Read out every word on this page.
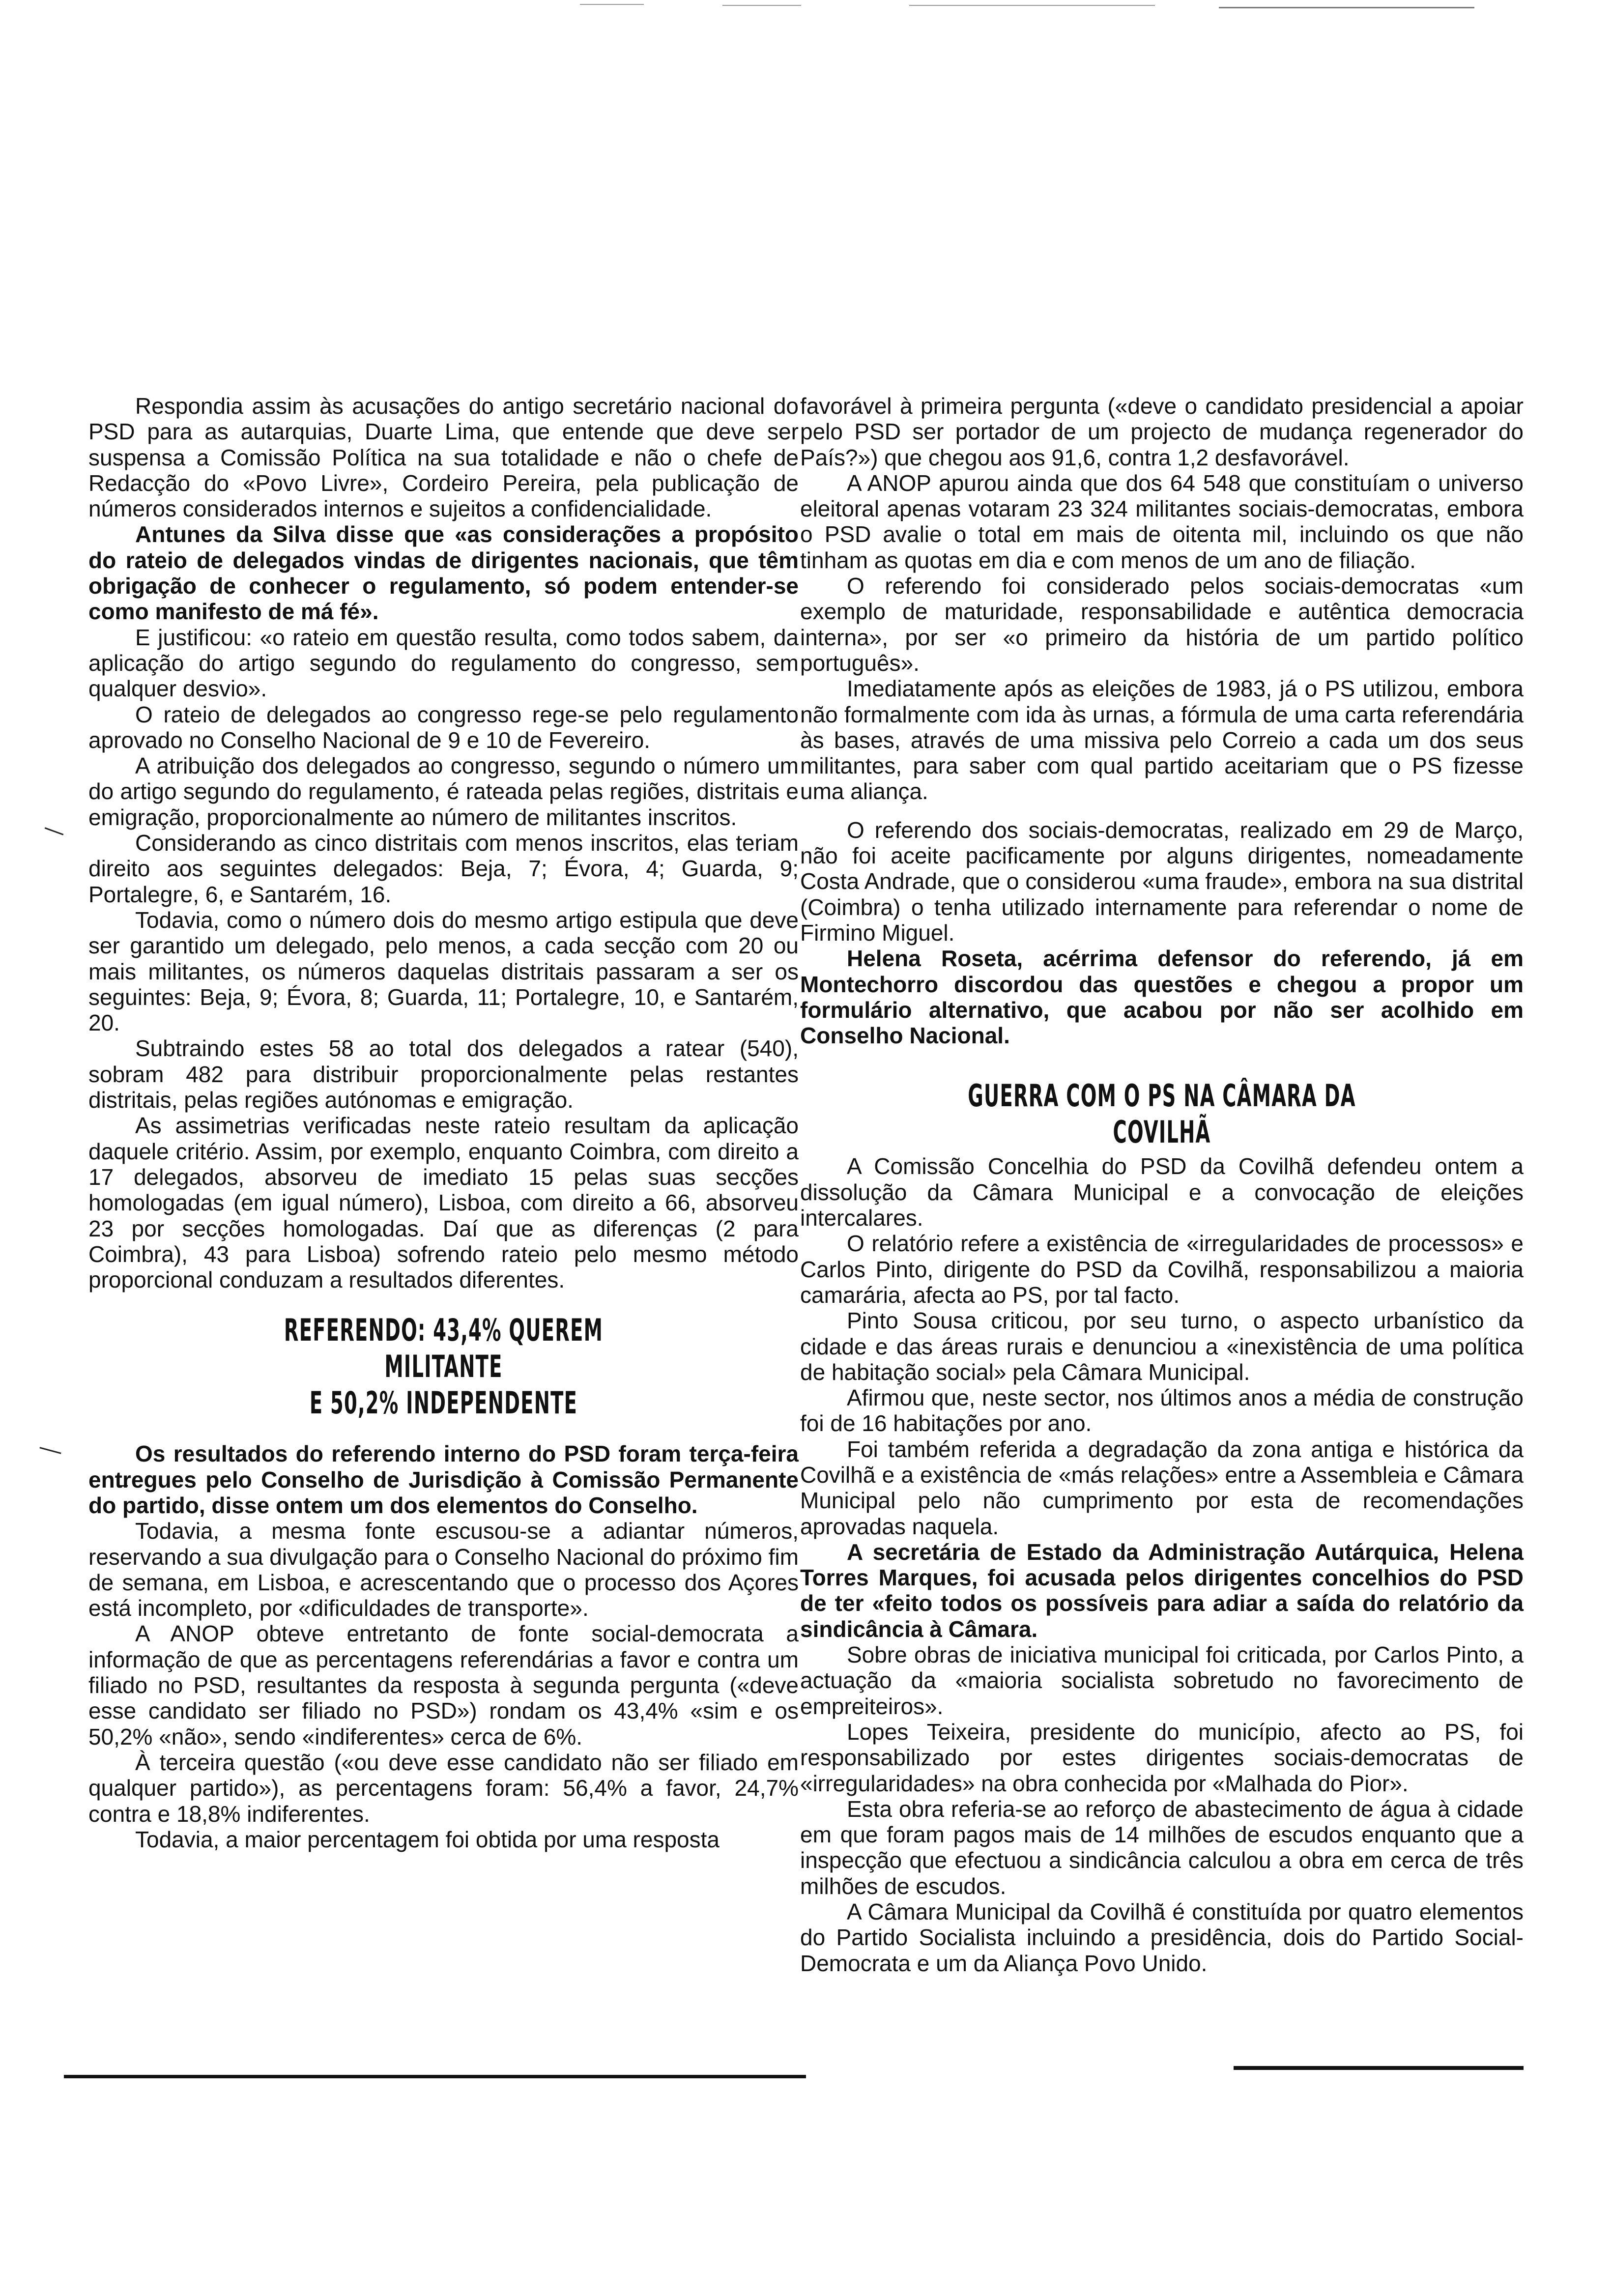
Respondia assim às acusações do antigo secretário nacional do PSD para as autarquias, Duarte Lima, que entende que deve ser suspensa a Comissão Política na sua totalidade e não o chefe de Redacção do «Povo Livre», Cordeiro Pereira, pela publicação de números considerados internos e sujeitos a confidencialidade.

Antunes da Silva disse que «as considerações a propósito do rateio de delegados vindas de dirigentes nacionais, que têm obrigação de conhecer o regulamento, só podem entender-se como manifesto de má fé».

E justificou: «o rateio em questão resulta, como todos sabem, da aplicação do artigo segundo do regulamento do congresso, sem qualquer desvio».

O rateio de delegados ao congresso rege-se pelo regulamento aprovado no Conselho Nacional de 9 e 10 de Fevereiro.

A atribuição dos delegados ao congresso, segundo o número um do artigo segundo do regulamento, é rateada pelas regiões, distritais e emigração, proporcionalmente ao número de militantes inscritos.

Considerando as cinco distritais com menos inscritos, elas teriam direito aos seguintes delegados: Beja, 7; Évora, 4; Guarda, 9; Portalegre, 6, e Santarém, 16.

Todavia, como o número dois do mesmo artigo estipula que deve ser garantido um delegado, pelo menos, a cada secção com 20 ou mais militantes, os números daquelas distritais passaram a ser os seguintes: Beja, 9; Évora, 8; Guarda, 11; Portalegre, 10, e Santarém, 20.

Subtraindo estes 58 ao total dos delegados a ratear (540), sobram 482 para distribuir proporcionalmente pelas restantes distritais, pelas regiões autónomas e emigração.

As assimetrias verificadas neste rateio resultam da aplicação daquele critério. Assim, por exemplo, enquanto Coimbra, com direito a 17 delegados, absorveu de imediato 15 pelas suas secções homologadas (em igual número), Lisboa, com direito a 66, absorveu 23 por secções homologadas. Daí que as diferenças (2 para Coimbra), 43 para Lisboa) sofrendo rateio pelo mesmo método proporcional conduzam a resultados diferentes.

REFERENDO: 43,4% QUEREM MILITANTE
E 50,2% INDEPENDENTE

Os resultados do referendo interno do PSD foram terça-feira entregues pelo Conselho de Jurisdição à Comissão Permanente do partido, disse ontem um dos elementos do Conselho.

Todavia, a mesma fonte escusou-se a adiantar números, reservando a sua divulgação para o Conselho Nacional do próximo fim de semana, em Lisboa, e acrescentando que o processo dos Açores está incompleto, por «dificuldades de transporte».

A ANOP obteve entretanto de fonte social-democrata a informação de que as percentagens referendárias a favor e contra um filiado no PSD, resultantes da resposta à segunda pergunta («deve esse candidato ser filiado no PSD») rondam os 43,4% «sim e os 50,2% «não», sendo «indiferentes» cerca de 6%.

À terceira questão («ou deve esse candidato não ser filiado em qualquer partido»), as percentagens foram: 56,4% a favor, 24,7% contra e 18,8% indiferentes.

Todavia, a maior percentagem foi obtida por uma resposta

favorável à primeira pergunta («deve o candidato presidencial a apoiar pelo PSD ser portador de um projecto de mudança regenerador do País?») que chegou aos 91,6, contra 1,2 desfavorável.

A ANOP apurou ainda que dos 64 548 que constituíam o universo eleitoral apenas votaram 23 324 militantes sociais-democratas, embora o PSD avalie o total em mais de oitenta mil, incluindo os que não tinham as quotas em dia e com menos de um ano de filiação.

O referendo foi considerado pelos sociais-democratas «um exemplo de maturidade, responsabilidade e autêntica democracia interna», por ser «o primeiro da história de um partido político português».

Imediatamente após as eleições de 1983, já o PS utilizou, embora não formalmente com ida às urnas, a fórmula de uma carta referendária às bases, através de uma missiva pelo Correio a cada um dos seus militantes, para saber com qual partido aceitariam que o PS fizesse uma aliança.

O referendo dos sociais-democratas, realizado em 29 de Março, não foi aceite pacificamente por alguns dirigentes, nomeadamente Costa Andrade, que o considerou «uma fraude», embora na sua distrital (Coimbra) o tenha utilizado internamente para referendar o nome de Firmino Miguel.

Helena Roseta, acérrima defensor do referendo, já em Montechorro discordou das questões e chegou a propor um formulário alternativo, que acabou por não ser acolhido em Conselho Nacional.

GUERRA COM O PS NA CÂMARA DA COVILHÃ

A Comissão Concelhia do PSD da Covilhã defendeu ontem a dissolução da Câmara Municipal e a convocação de eleições intercalares.

O relatório refere a existência de «irregularidades de processos» e Carlos Pinto, dirigente do PSD da Covilhã, responsabilizou a maioria camarária, afecta ao PS, por tal facto.

Pinto Sousa criticou, por seu turno, o aspecto urbanístico da cidade e das áreas rurais e denunciou a «inexistência de uma política de habitação social» pela Câmara Municipal.

Afirmou que, neste sector, nos últimos anos a média de construção foi de 16 habitações por ano.

Foi também referida a degradação da zona antiga e histórica da Covilhã e a existência de «más relações» entre a Assembleia e Câmara Municipal pelo não cumprimento por esta de recomendações aprovadas naquela.

A secretária de Estado da Administração Autárquica, Helena Torres Marques, foi acusada pelos dirigentes concelhios do PSD de ter «feito todos os possíveis para adiar a saída do relatório da sindicância à Câmara.

Sobre obras de iniciativa municipal foi criticada, por Carlos Pinto, a actuação da «maioria socialista sobretudo no favorecimento de empreiteiros».

Lopes Teixeira, presidente do município, afecto ao PS, foi responsabilizado por estes dirigentes sociais-democratas de «irregularidades» na obra conhecida por «Malhada do Pior».

Esta obra referia-se ao reforço de abastecimento de água à cidade em que foram pagos mais de 14 milhões de escudos enquanto que a inspecção que efectuou a sindicância calculou a obra em cerca de três milhões de escudos.

A Câmara Municipal da Covilhã é constituída por quatro elementos do Partido Socialista incluindo a presidência, dois do Partido Social-Democrata e um da Aliança Povo Unido.
